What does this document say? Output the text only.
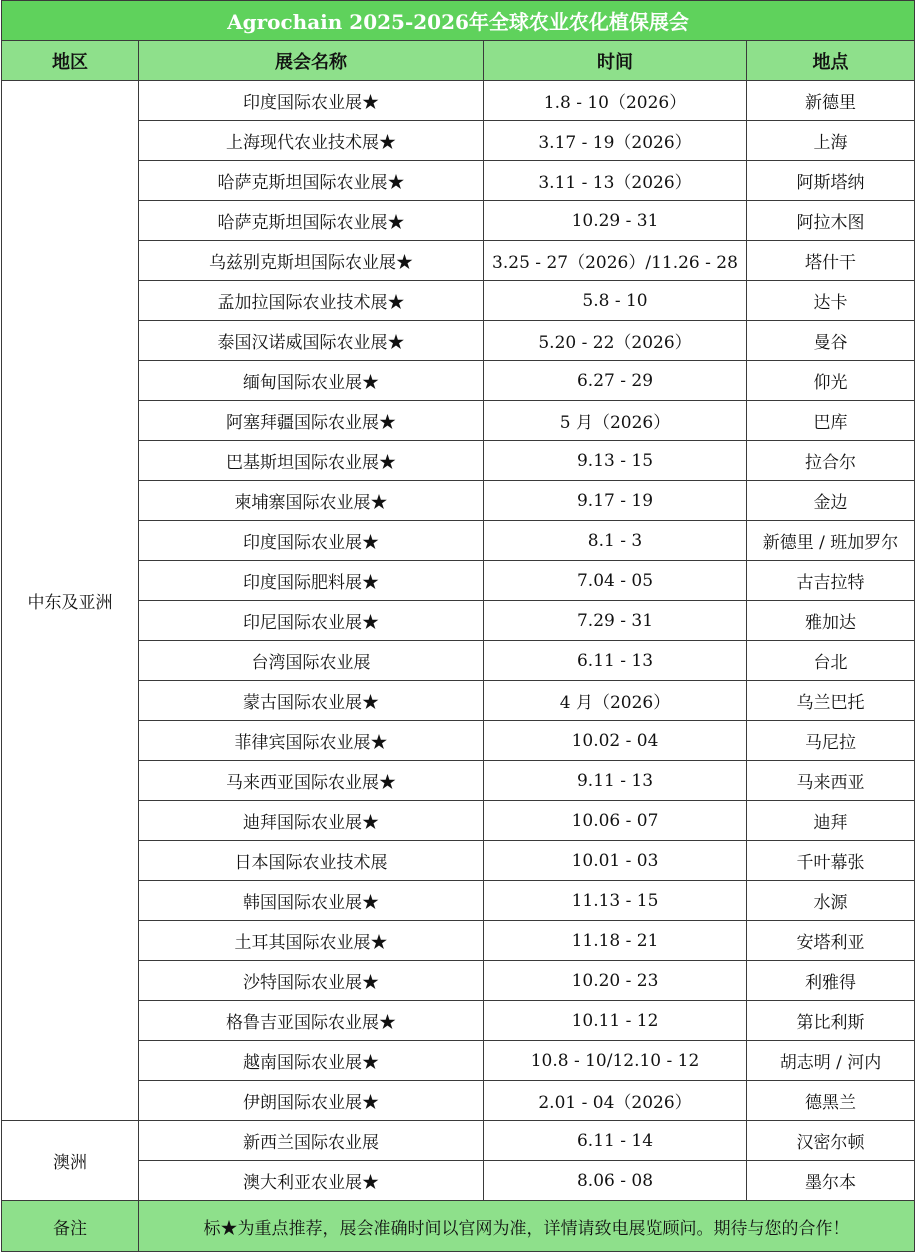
Agrochain 2025-2026年全球农业农化植保展会			
地区	展会名称	时间	地点
中东及亚洲	印度国际农业展★	1.8 - 10（2026）	新德里
	上海现代农业技术展★	3.17 - 19（2026）	上海
	哈萨克斯坦国际农业展★	3.11 - 13（2026）	阿斯塔纳
	哈萨克斯坦国际农业展★	10.29 - 31	阿拉木图
	乌兹别克斯坦国际农业展★	3.25 - 27（2026）/11.26 - 28	塔什干
	孟加拉国际农业技术展★	5.8 - 10	达卡
	泰国汉诺威国际农业展★	5.20 - 22（2026）	曼谷
	缅甸国际农业展★	6.27 - 29	仰光
	阿塞拜疆国际农业展★	5 月（2026）	巴库
	巴基斯坦国际农业展★	9.13 - 15	拉合尔
	柬埔寨国际农业展★	9.17 - 19	金边
	印度国际农业展★	8.1 - 3	新德里 / 班加罗尔
	印度国际肥料展★	7.04 - 05	古吉拉特
	印尼国际农业展★	7.29 - 31	雅加达
	台湾国际农业展	6.11 - 13	台北
	蒙古国际农业展★	4 月（2026）	乌兰巴托
	菲律宾国际农业展★	10.02 - 04	马尼拉
	马来西亚国际农业展★	9.11 - 13	马来西亚
	迪拜国际农业展★	10.06 - 07	迪拜
	日本国际农业技术展	10.01 - 03	千叶幕张
	韩国国际农业展★	11.13 - 15	水源
	土耳其国际农业展★	11.18 - 21	安塔利亚
	沙特国际农业展★	10.20 - 23	利雅得
	格鲁吉亚国际农业展★	10.11 - 12	第比利斯
	越南国际农业展★	10.8 - 10/12.10 - 12	胡志明 / 河内
	伊朗国际农业展★	2.01 - 04（2026）	德黑兰
澳洲	新西兰国际农业展	6.11 - 14	汉密尔顿
	澳大利亚农业展★	8.06 - 08	墨尔本
备注	标★为重点推荐，展会准确时间以官网为准，详情请致电展览顾问。期待与您的合作！		
